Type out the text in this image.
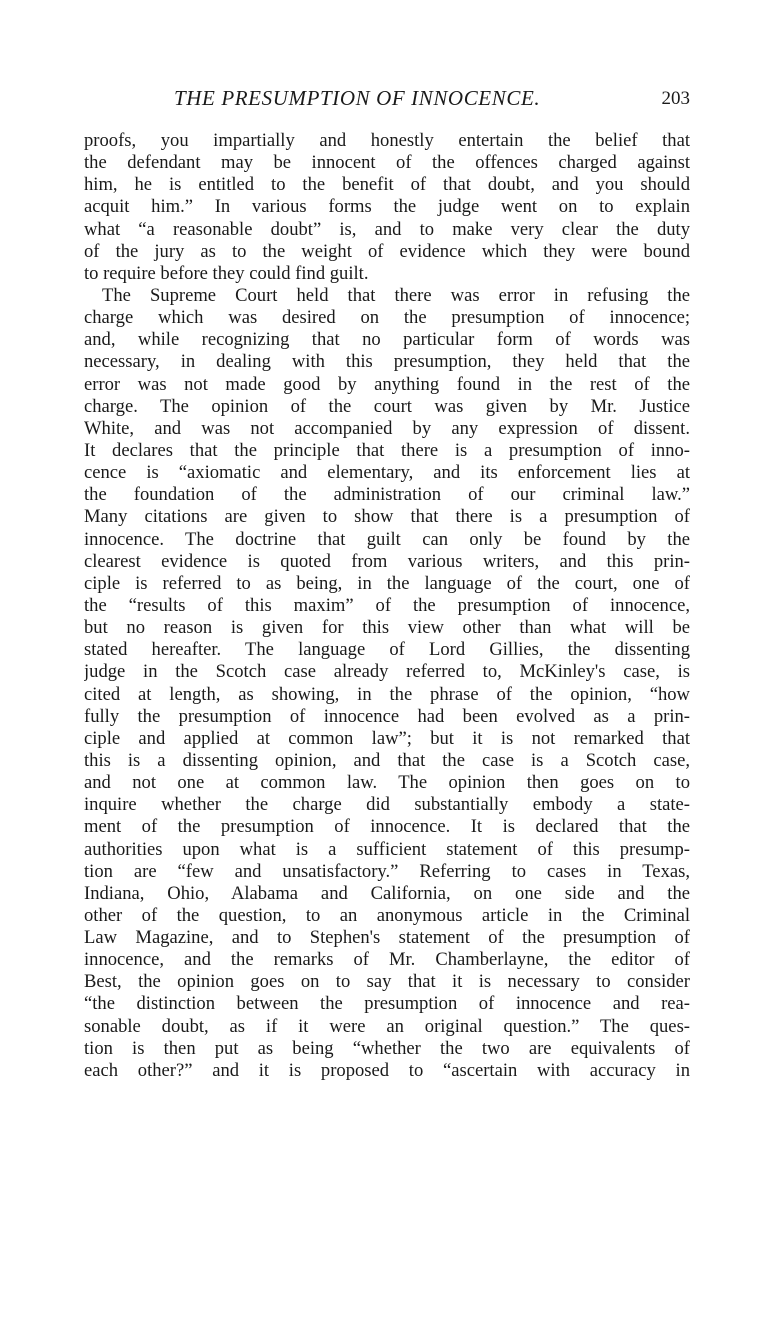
THE PRESUMPTION OF INNOCENCE.	203
proofs, you impartially and honestly entertain the belief that
the defendant may be innocent of the offences charged against
him, he is entitled to the benefit of that doubt, and you should
acquit him.” In various forms the judge went on to explain
what “a reasonable doubt” is, and to make very clear the duty
of the jury as to the weight of evidence which they were bound
to require before they could find guilt.
The Supreme Court held that there was error in refusing the
charge which was desired on the presumption of innocence;
and, while recognizing that no particular form of words was
necessary, in dealing with this presumption, they held that the
error was not made good by anything found in the rest of the
charge. The opinion of the court was given by Mr. Justice
White, and was not accompanied by any expression of dissent.
It declares that the principle that there is a presumption of inno-
cence is “axiomatic and elementary, and its enforcement lies at
the foundation of the administration of our criminal law.”
Many citations are given to show that there is a presumption of
innocence. The doctrine that guilt can only be found by the
clearest evidence is quoted from various writers, and this prin-
ciple is referred to as being, in the language of the court, one of
the “results of this maxim” of the presumption of innocence,
but no reason is given for this view other than what will be
stated hereafter. The language of Lord Gillies, the dissenting
judge in the Scotch case already referred to, McKinley's case, is
cited at length, as showing, in the phrase of the opinion, “how
fully the presumption of innocence had been evolved as a prin-
ciple and applied at common law”; but it is not remarked that
this is a dissenting opinion, and that the case is a Scotch case,
and not one at common law. The opinion then goes on to
inquire whether the charge did substantially embody a state-
ment of the presumption of innocence. It is declared that the
authorities upon what is a sufficient statement of this presump-
tion are “few and unsatisfactory.” Referring to cases in Texas,
Indiana, Ohio, Alabama and California, on one side and the
other of the question, to an anonymous article in the Criminal
Law Magazine, and to Stephen's statement of the presumption of
innocence, and the remarks of Mr. Chamberlayne, the editor of
Best, the opinion goes on to say that it is necessary to consider
“the distinction between the presumption of innocence and rea-
sonable doubt, as if it were an original question.” The ques-
tion is then put as being “whether the two are equivalents of
each other?” and it is proposed to “ascertain with accuracy in
